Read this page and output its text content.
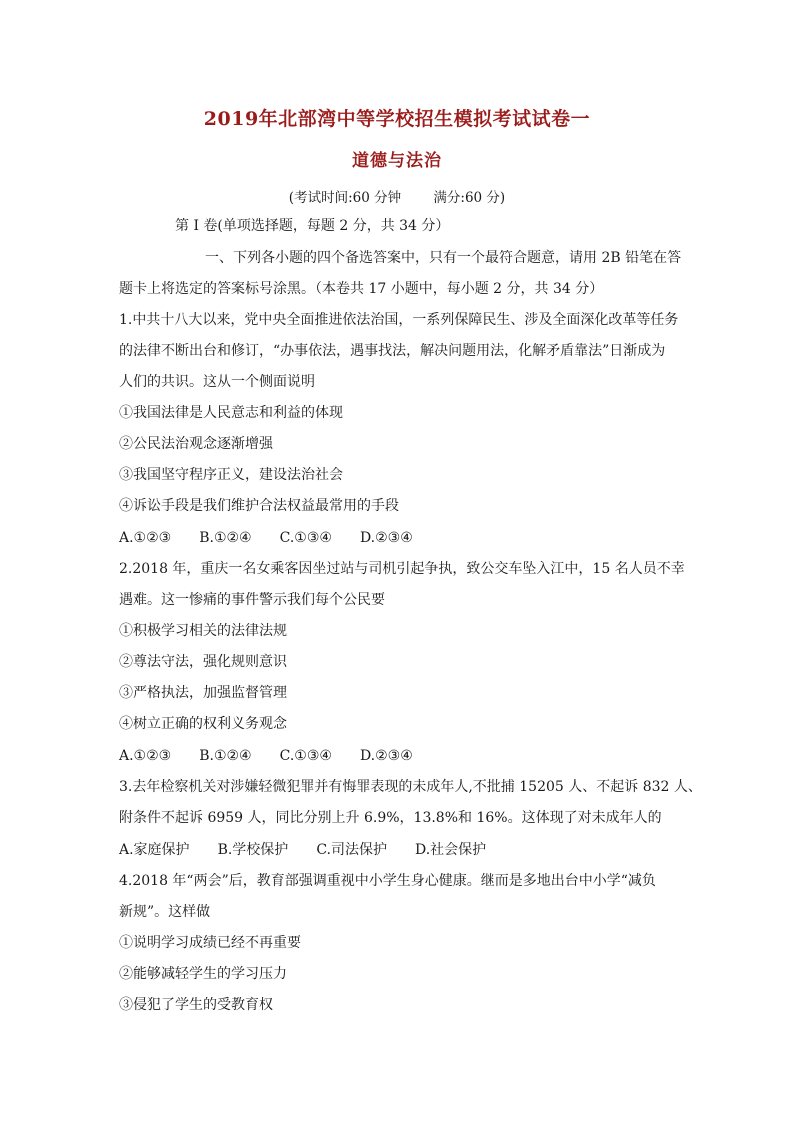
2019年北部湾中等学校招生模拟考试试卷一
道德与法治
(考试时间:60 分钟 满分:60 分)
第 I 卷(单项选择题，每题 2 分，共 34 分）
一、下列各小题的四个备选答案中，只有一个最符合题意，请用 2B 铅笔在答
题卡上将选定的答案标号涂黑。（本卷共 17 小题中，每小题 2 分，共 34 分）
1.中共十八大以来，党中央全面推进依法治国，一系列保障民生、涉及全面深化改革等任务
的法律不断出台和修订，“办事依法，遇事找法，解决问题用法，化解矛盾靠法”日渐成为
人们的共识。这从一个侧面说明
①我国法律是人民意志和利益的体现
②公民法治观念逐渐增强
③我国坚守程序正义，建设法治社会
④诉讼手段是我们维护合法权益最常用的手段
A.①②③ B.①②④ C.①③④ D.②③④
2.2018 年，重庆一名女乘客因坐过站与司机引起争执，致公交车坠入江中，15 名人员不幸
遇难。这一惨痛的事件警示我们每个公民要
①积极学习相关的法律法规
②尊法守法，强化规则意识
③严格执法，加强监督管理
④树立正确的权利义务观念
A.①②③ B.①②④ C.①③④ D.②③④
3.去年检察机关对涉嫌轻微犯罪并有悔罪表现的未成年人,不批捕 15205 人、不起诉 832 人、
附条件不起诉 6959 人，同比分别上升 6.9%，13.8%和 16%。这体现了对未成年人的
A.家庭保护 B.学校保护 C.司法保护 D.社会保护
4.2018 年“两会”后，教育部强调重视中小学生身心健康。继而是多地出台中小学“减负
新规”。这样做
①说明学习成绩已经不再重要
②能够减轻学生的学习压力
③侵犯了学生的受教育权
